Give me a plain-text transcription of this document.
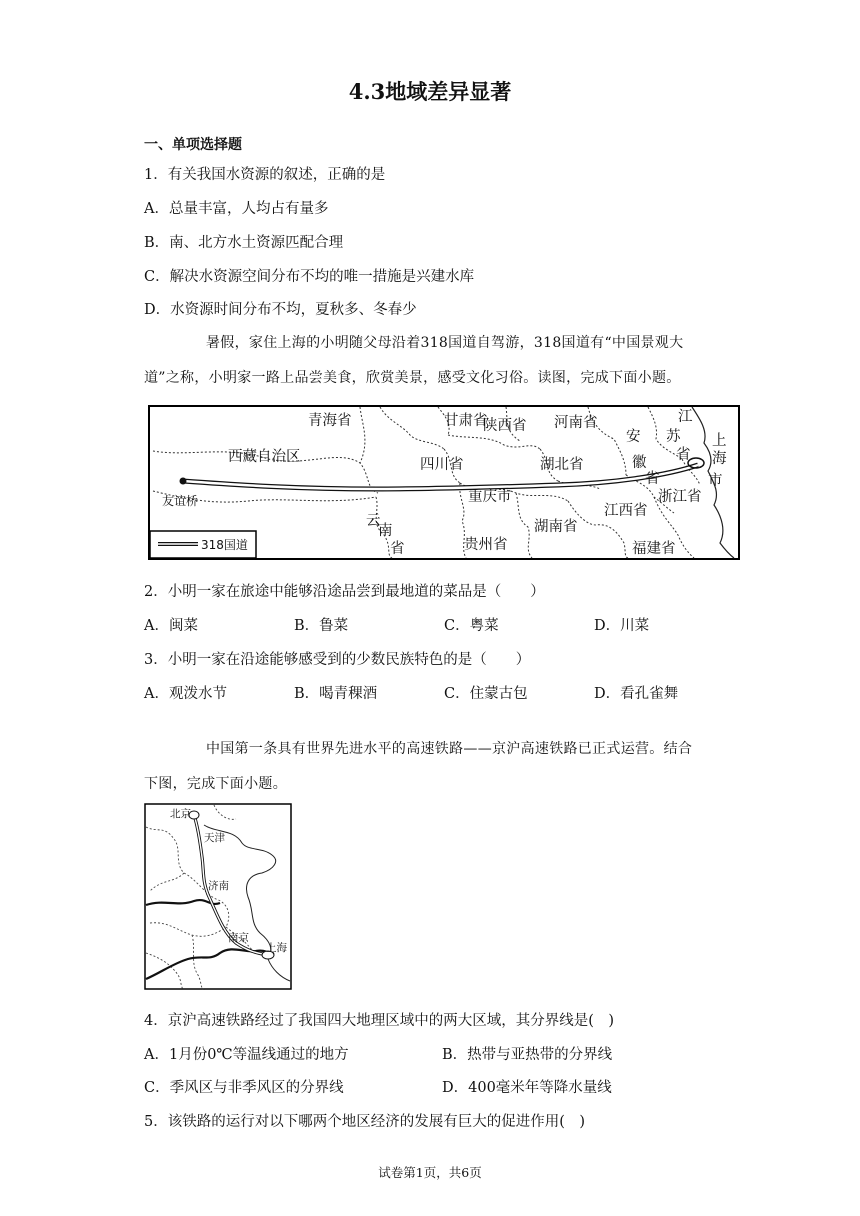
4.3地域差异显著
一、单项选择题
1．有关我国水资源的叙述，正确的是
A．总量丰富，人均占有量多
B．南、北方水土资源匹配合理
C．解决水资源空间分布不均的唯一措施是兴建水库
D．水资源时间分布不均，夏秋多、冬春少
暑假，家住上海的小明随父母沿着318国道自驾游，318国道有“中国景观大
道”之称，小明家一路上品尝美食，欣赏美景，感受文化习俗。读图，完成下面小题。
青海省	甘肃省
陕西省 河南省
安
徽
省
江
苏
省
上
海
市
西藏自治区	四川省	湖北省
重庆市	浙江省
江西省
湖南省
云
南
省	贵州省	福建省
友谊桥
318国道
2．小明一家在旅途中能够沿途品尝到最地道的菜品是（　　）
A．闽菜	B．鲁菜	C．粤菜	D．川菜
3．小明一家在沿途能够感受到的少数民族特色的是（　　）
A．观泼水节	B．喝青稞酒	C．住蒙古包	D．看孔雀舞
中国第一条具有世界先进水平的高速铁路——京沪高速铁路已正式运营。结合
下图，完成下面小题。
北京
天津
济南
南京
上海
4．京沪高速铁路经过了我国四大地理区域中的两大区域，其分界线是(　)
A．1月份0℃等温线通过的地方	B．热带与亚热带的分界线
C．季风区与非季风区的分界线	D．400毫米年等降水量线
5．该铁路的运行对以下哪两个地区经济的发展有巨大的促进作用(　)
试卷第1页，共6页
